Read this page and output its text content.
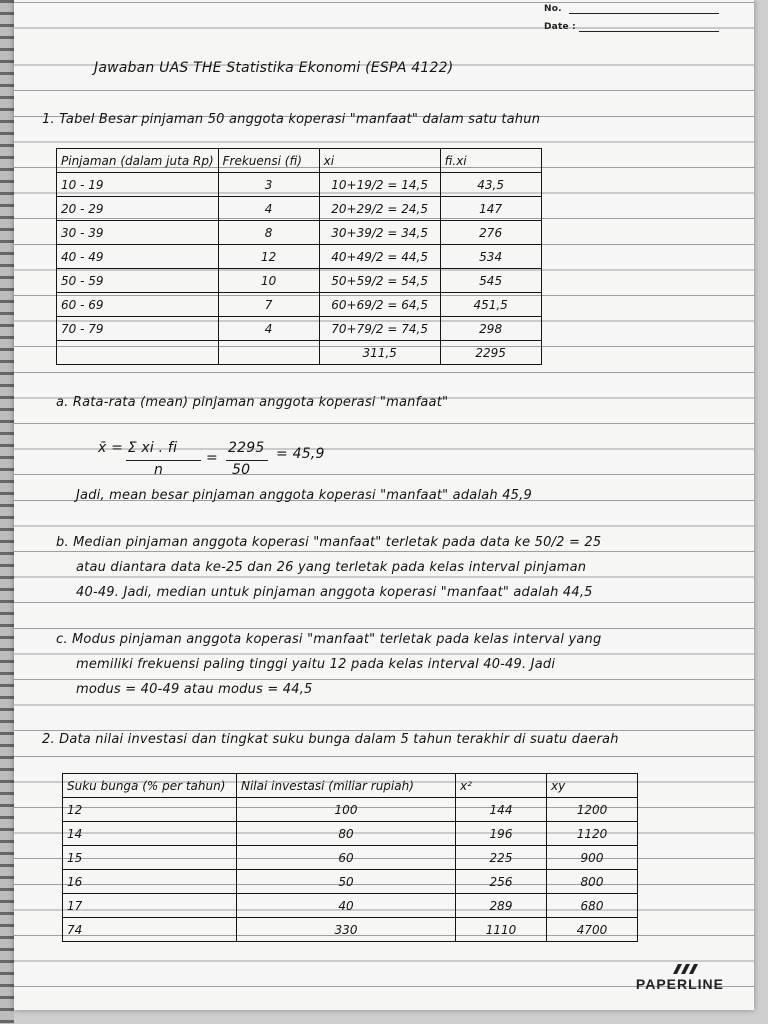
No.
Date :
Jawaban UAS THE Statistika Ekonomi (ESPA 4122)
1. Tabel Besar pinjaman 50 anggota koperasi "manfaat" dalam satu tahun
Pinjaman (dalam juta Rp)	Frekuensi (fi)	xi	fi.xi
10 - 19	3	10+19/2 = 14,5	43,5
20 - 29	4	20+29/2 = 24,5	147
30 - 39	8	30+39/2 = 34,5	276
40 - 49	12	40+49/2 = 44,5	534
50 - 59	10	50+59/2 = 54,5	545
60 - 69	7	60+69/2 = 64,5	451,5
70 - 79	4	70+79/2 = 74,5	298
		311,5	2295
a. Rata-rata (mean) pinjaman anggota koperasi "manfaat"
x̄ = Σ xi . fi
n
=
2295
50
= 45,9
Jadi, mean besar pinjaman anggota koperasi "manfaat" adalah 45,9
b. Median pinjaman anggota koperasi "manfaat" terletak pada data ke 50/2 = 25
atau diantara data ke-25 dan 26 yang terletak pada kelas interval pinjaman
40-49. Jadi, median untuk pinjaman anggota koperasi "manfaat" adalah 44,5
c. Modus pinjaman anggota koperasi "manfaat" terletak pada kelas interval yang
memiliki frekuensi paling tinggi yaitu 12 pada kelas interval 40-49. Jadi
modus = 40-49 atau modus = 44,5
2. Data nilai investasi dan tingkat suku bunga dalam 5 tahun terakhir di suatu daerah
Suku bunga (% per tahun)	Nilai investasi (miliar rupiah)	x²	xy
12	100	144	1200
14	80	196	1120
15	60	225	900
16	50	256	800
17	40	289	680
74	330	1110	4700
PAPERLINE
